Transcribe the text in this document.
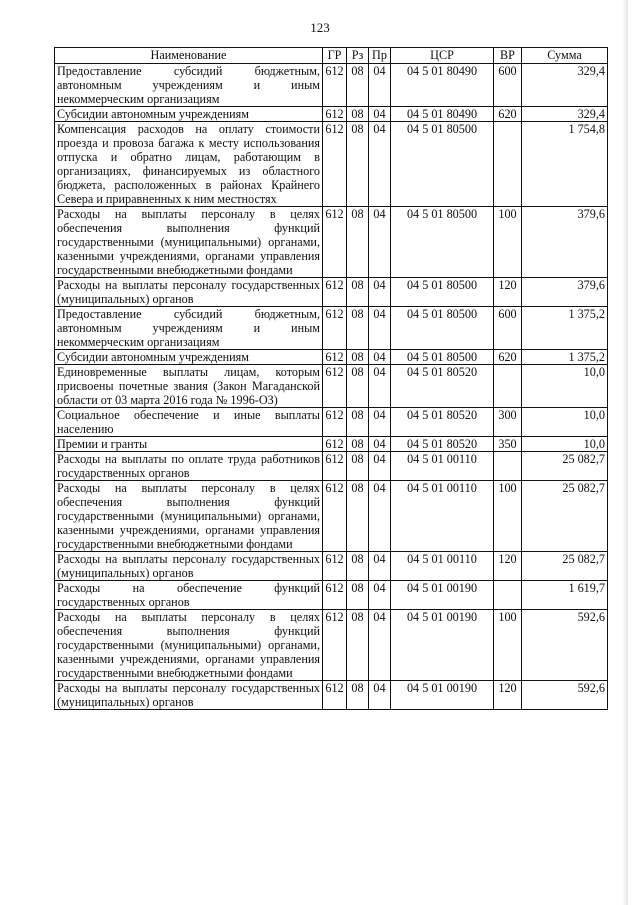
123
Наименование	ГР	Рз	Пр	ЦСР	ВР	Сумма
Предоставление субсидий бюджетным, автономным учреждениям и иным некоммерческим организациям	612	08	04	04 5 01 80490	600	329,4
Субсидии автономным учреждениям	612	08	04	04 5 01 80490	620	329,4
Компенсация расходов на оплату стоимости проезда и провоза багажа к месту использования отпуска и обратно лицам, работающим в организациях, финансируемых из областного бюджета, расположенных в районах Крайнего Севера и приравненных к ним местностях	612	08	04	04 5 01 80500		1 754,8
Расходы на выплаты персоналу в целях обеспечения выполнения функций государственными (муниципальными) органами, казенными учреждениями, органами управления государственными внебюджетными фондами	612	08	04	04 5 01 80500	100	379,6
Расходы на выплаты персоналу государственных (муниципальных) органов	612	08	04	04 5 01 80500	120	379,6
Предоставление субсидий бюджетным, автономным учреждениям и иным некоммерческим организациям	612	08	04	04 5 01 80500	600	1 375,2
Субсидии автономным учреждениям	612	08	04	04 5 01 80500	620	1 375,2
Единовременные выплаты лицам, которым присвоены почетные звания (Закон Магаданской области от 03 марта 2016 года № 1996-ОЗ)	612	08	04	04 5 01 80520		10,0
Социальное обеспечение и иные выплаты населению	612	08	04	04 5 01 80520	300	10,0
Премии и гранты	612	08	04	04 5 01 80520	350	10,0
Расходы на выплаты по оплате труда работников государственных органов	612	08	04	04 5 01 00110		25 082,7
Расходы на выплаты персоналу в целях обеспечения выполнения функций государственными (муниципальными) органами, казенными учреждениями, органами управления государственными внебюджетными фондами	612	08	04	04 5 01 00110	100	25 082,7
Расходы на выплаты персоналу государственных (муниципальных) органов	612	08	04	04 5 01 00110	120	25 082,7
Расходы на обеспечение функций государственных органов	612	08	04	04 5 01 00190		1 619,7
Расходы на выплаты персоналу в целях обеспечения выполнения функций государственными (муниципальными) органами, казенными учреждениями, органами управления государственными внебюджетными фондами	612	08	04	04 5 01 00190	100	592,6
Расходы на выплаты персоналу государственных (муниципальных) органов	612	08	04	04 5 01 00190	120	592,6
